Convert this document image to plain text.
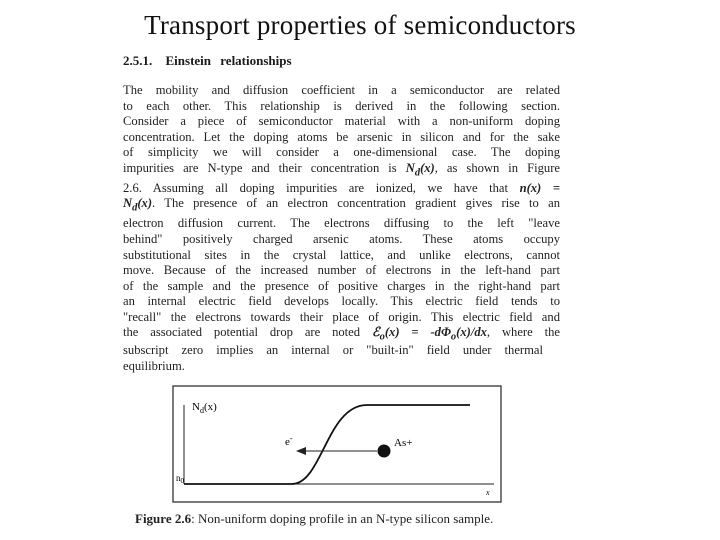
Transport properties of semiconductors
2.5.1. Einstein relationships
The mobility and diffusion coefficient in a semiconductor are related
to each other. This relationship is derived in the following section.
Consider a piece of semiconductor material with a non-uniform doping
concentration. Let the doping atoms be arsenic in silicon and for the sake
of simplicity we will consider a one-dimensional case. The doping
impurities are N-type and their concentration is $N_d(x)$, as shown in Figure
2.6. Assuming all doping impurities are ionized, we have that n(x) =
$N_d(x)$. The presence of an electron concentration gradient gives rise to an
electron diffusion current. The electrons diffusing to the left "leave
behind" positively charged arsenic atoms. These atoms occupy
substitutional sites in the crystal lattice, and unlike electrons, cannot
move. Because of the increased number of electrons in the left-hand part
of the sample and the presence of positive charges in the right-hand part
an internal electric field develops locally. This electric field tends to
"recall" the electrons towards their place of origin. This electric field and
the associated potential drop are noted ℰ$_o$(x) = $-d\Phi_o(x)/dx$, where the
subscript zero implies an internal or "built-in" field under thermal
equilibrium.
$N_d(x)$
$n_0$
x
e-	As+
Figure 2.6: Non-uniform doping profile in an N-type silicon sample.
